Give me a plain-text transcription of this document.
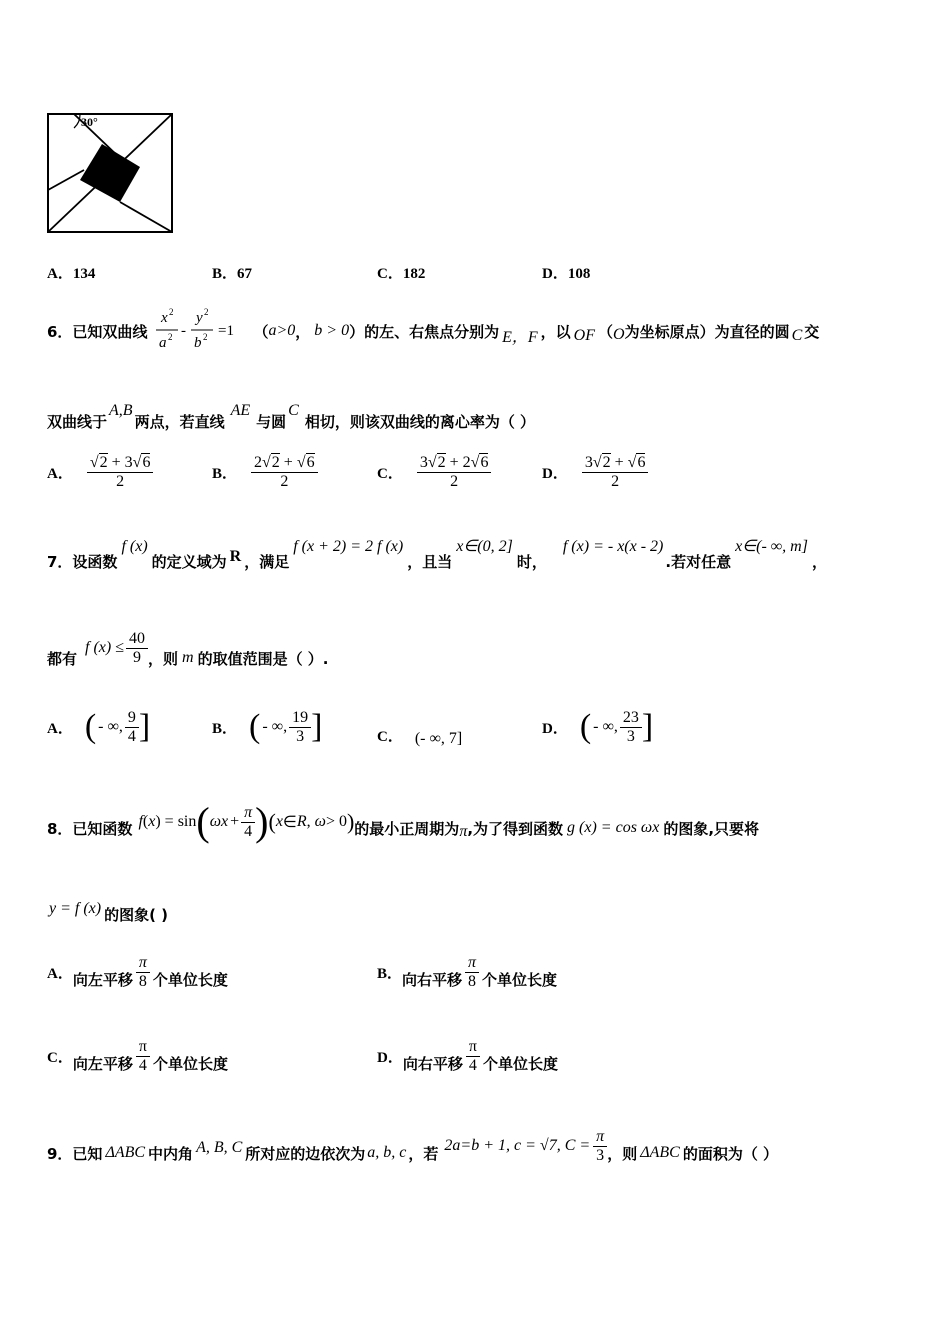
30°
A．134	B．67	C．182	D．108
6．已知双曲线
x 2
a 2 -
y 2
b 2 =1 （ a>0 ， b > 0 ）的左、右焦点分别为 E，F ，以 OF （ O 为坐标原点）为直径的圆 C 交
双曲线于
A,B
两点，若直线
AE
与圆
C
相切，则该双曲线的离心率为（ ）
A． $\frac{√2 + 3√6}{2}$	B． $\frac{2√2 + √6}{2}$	C． $\frac{3√2 + 2√6}{2}$	D． $\frac{3√2 + √6}{2}$
7．设函数
f (x)
的定义域为 R ，满足
f (x + 2) = 2 f (x)
，且当
x∈(0, 2]
时，
f (x) = - x(x - 2)
.若对任意
x∈(- ∞, m]
，
都有
f $(x) \le \frac{40}{9}$ ，则 m 的取值范围是（ ）.
A． ( - ∞, $\frac{9}{4}$ ]	B． ( - ∞, $\frac{19}{3}$ ]	C． (- ∞, 7]
D． ( - ∞, $\frac{23}{3}$ ]
8．已知函数 f ( x ) = sin ( $\omega x + \frac{\pi}{4}$ ) ( x ∈ R , ω > 0 ) 的最小正周期为 π ,为了得到函数 g (x) = cos ωx 的图象,只要将
y = f (x) 的图象( )
A． 向左平移 $\frac{\pi}{8}$ 个单位长度	B． 向右平移 $\frac{\pi}{8}$ 个单位长度
C． 向左平移 $\frac{\pi}{4}$ 个单位长度	D． 向右平移 $\frac{\pi}{4}$ 个单位长度
9．已知 ΔABC 中内角 A, B, C 所对应的边依次为 a, b, c ，若 2a=b + 1, c = √7, $C = \frac{\pi}{3}$ ，则 ΔABC 的面积为（ ）
